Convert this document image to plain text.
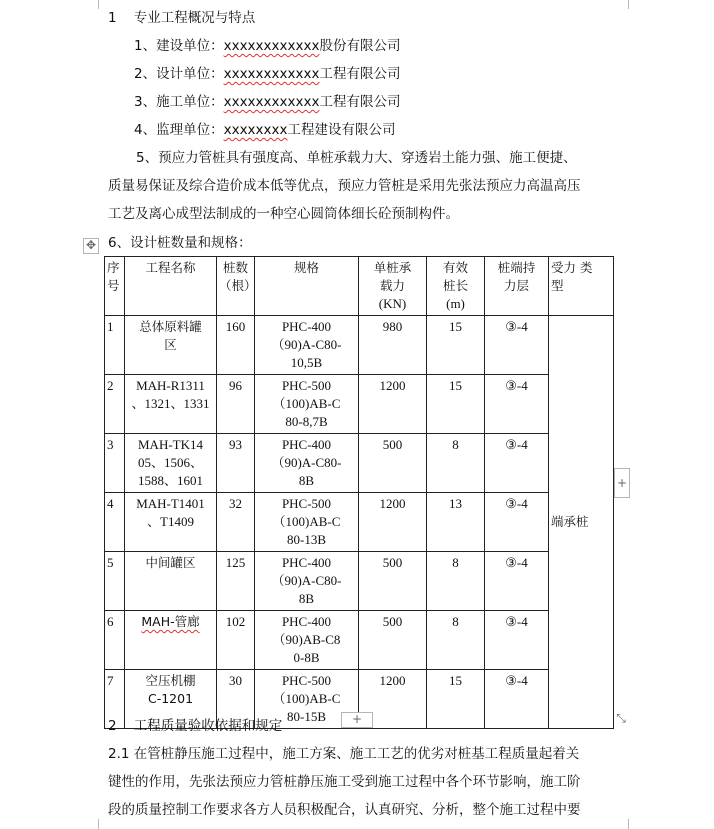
1 专业工程概况与特点
1、建设单位：xxxxxxxxxxxx股份有限公司
2、设计单位：xxxxxxxxxxxx工程有限公司
3、施工单位：xxxxxxxxxxxx工程有限公司
4、监理单位：xxxxxxxx工程建设有限公司
5、预应力管桩具有强度高、单桩承载力大、穿透岩土能力强、施工便捷、
质量易保证及综合造价成本低等优点，预应力管桩是采用先张法预应力高温高压
工艺及离心成型法制成的一种空心圆筒体细长砼预制构件。
✥ 6、设计桩数量和规格：
序
号	工程名称	桩数
（根）	规格	单桩承
载力
(KN)	有效
桩长
(m)	桩端持
力层	受力 类
型
1	总体原料罐
区	160	PHC-400
（90)A-C80-
10,5B	980	15	③-4	端承桩
2	MAH-R1311
、1321、1331	96	PHC-500
（100)AB-C
80-8,7B	1200	15	③-4	
3	MAH-TK14
05、1506、
1588、1601	93	PHC-400
（90)A-C80-
8B	500	8	③-4	
4	MAH-T1401
、T1409	32	PHC-500
（100)AB-C
80-13B	1200	13	③-4	
5	中间罐区	125	PHC-400
（90)A-C80-
8B	500	8	③-4	
6	MAH-管廊	102	PHC-400
（90)AB-C8
0-8B	500	8	③-4	
7	空压机棚
C-1201	30	PHC-500
（100)AB-C
80-15B	1200	15	③-4	
+
+	⤡
2 工程质量验收依据和规定
2.1 在管桩静压施工过程中，施工方案、施工工艺的优劣对桩基工程质量起着关
键性的作用，先张法预应力管桩静压施工受到施工过程中各个环节影响，施工阶
段的质量控制工作要求各方人员积极配合，认真研究、分析，整个施工过程中要
